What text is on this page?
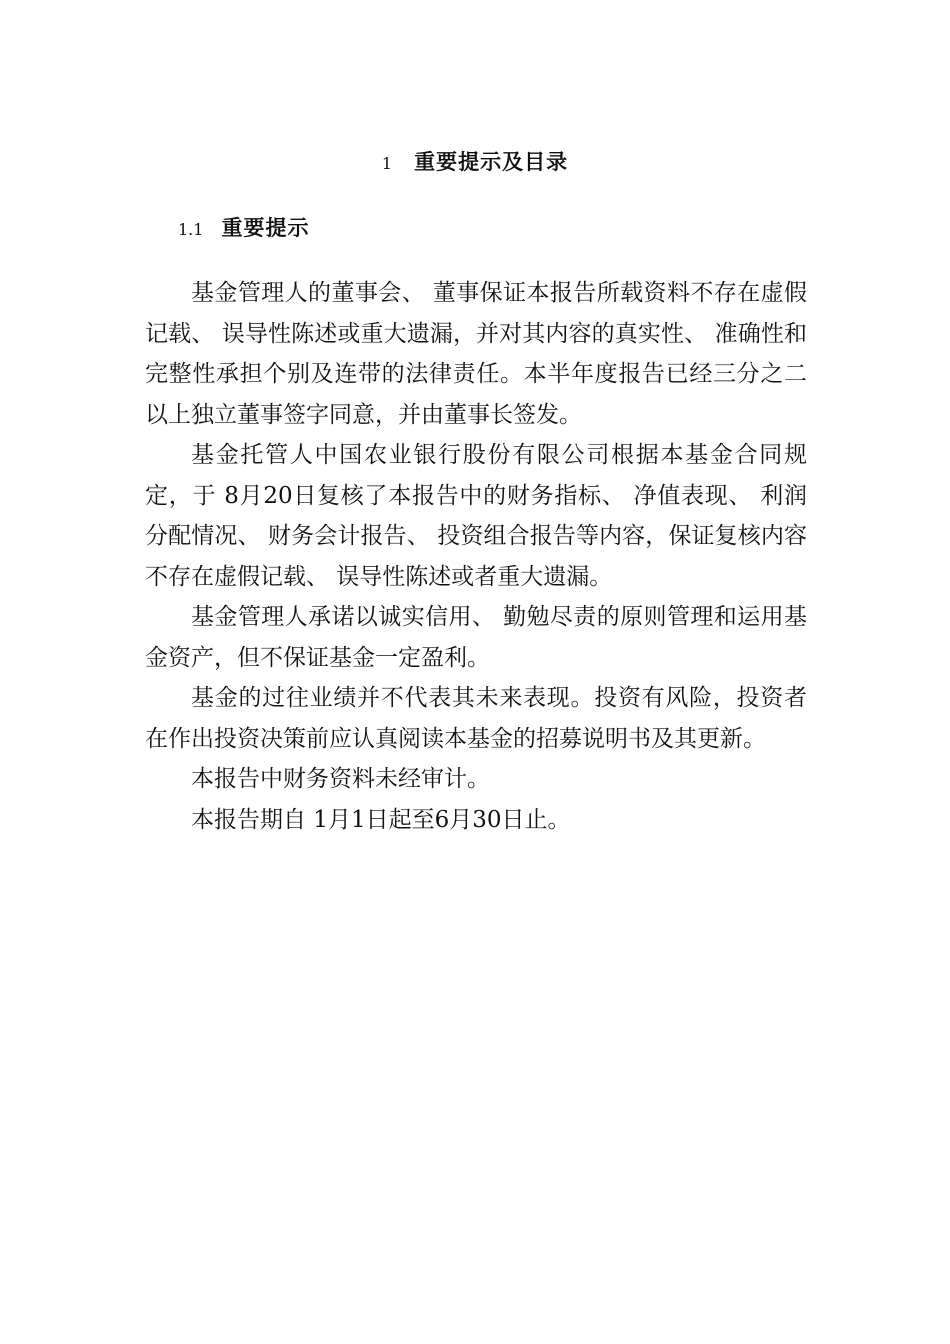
1 重要提示及目录
1.1 重要提示

基金管理人的董事会、 董事保证本报告所载资料不存在虚假记载、 误导性陈述或重大遗漏，并对其内容的真实性、 准确性和完整性承担个别及连带的法律责任。本半年度报告已经三分之二以上独立董事签字同意，并由董事长签发。

基金托管人中国农业银行股份有限公司根据本基金合同规定，于 8月20日复核了本报告中的财务指标、 净值表现、 利润分配情况、 财务会计报告、 投资组合报告等内容，保证复核内容不存在虚假记载、 误导性陈述或者重大遗漏。

基金管理人承诺以诚实信用、 勤勉尽责的原则管理和运用基金资产，但不保证基金一定盈利。

基金的过往业绩并不代表其未来表现。投资有风险，投资者在作出投资决策前应认真阅读本基金的招募说明书及其更新。

本报告中财务资料未经审计。

本报告期自 1月1日起至6月30日止。
